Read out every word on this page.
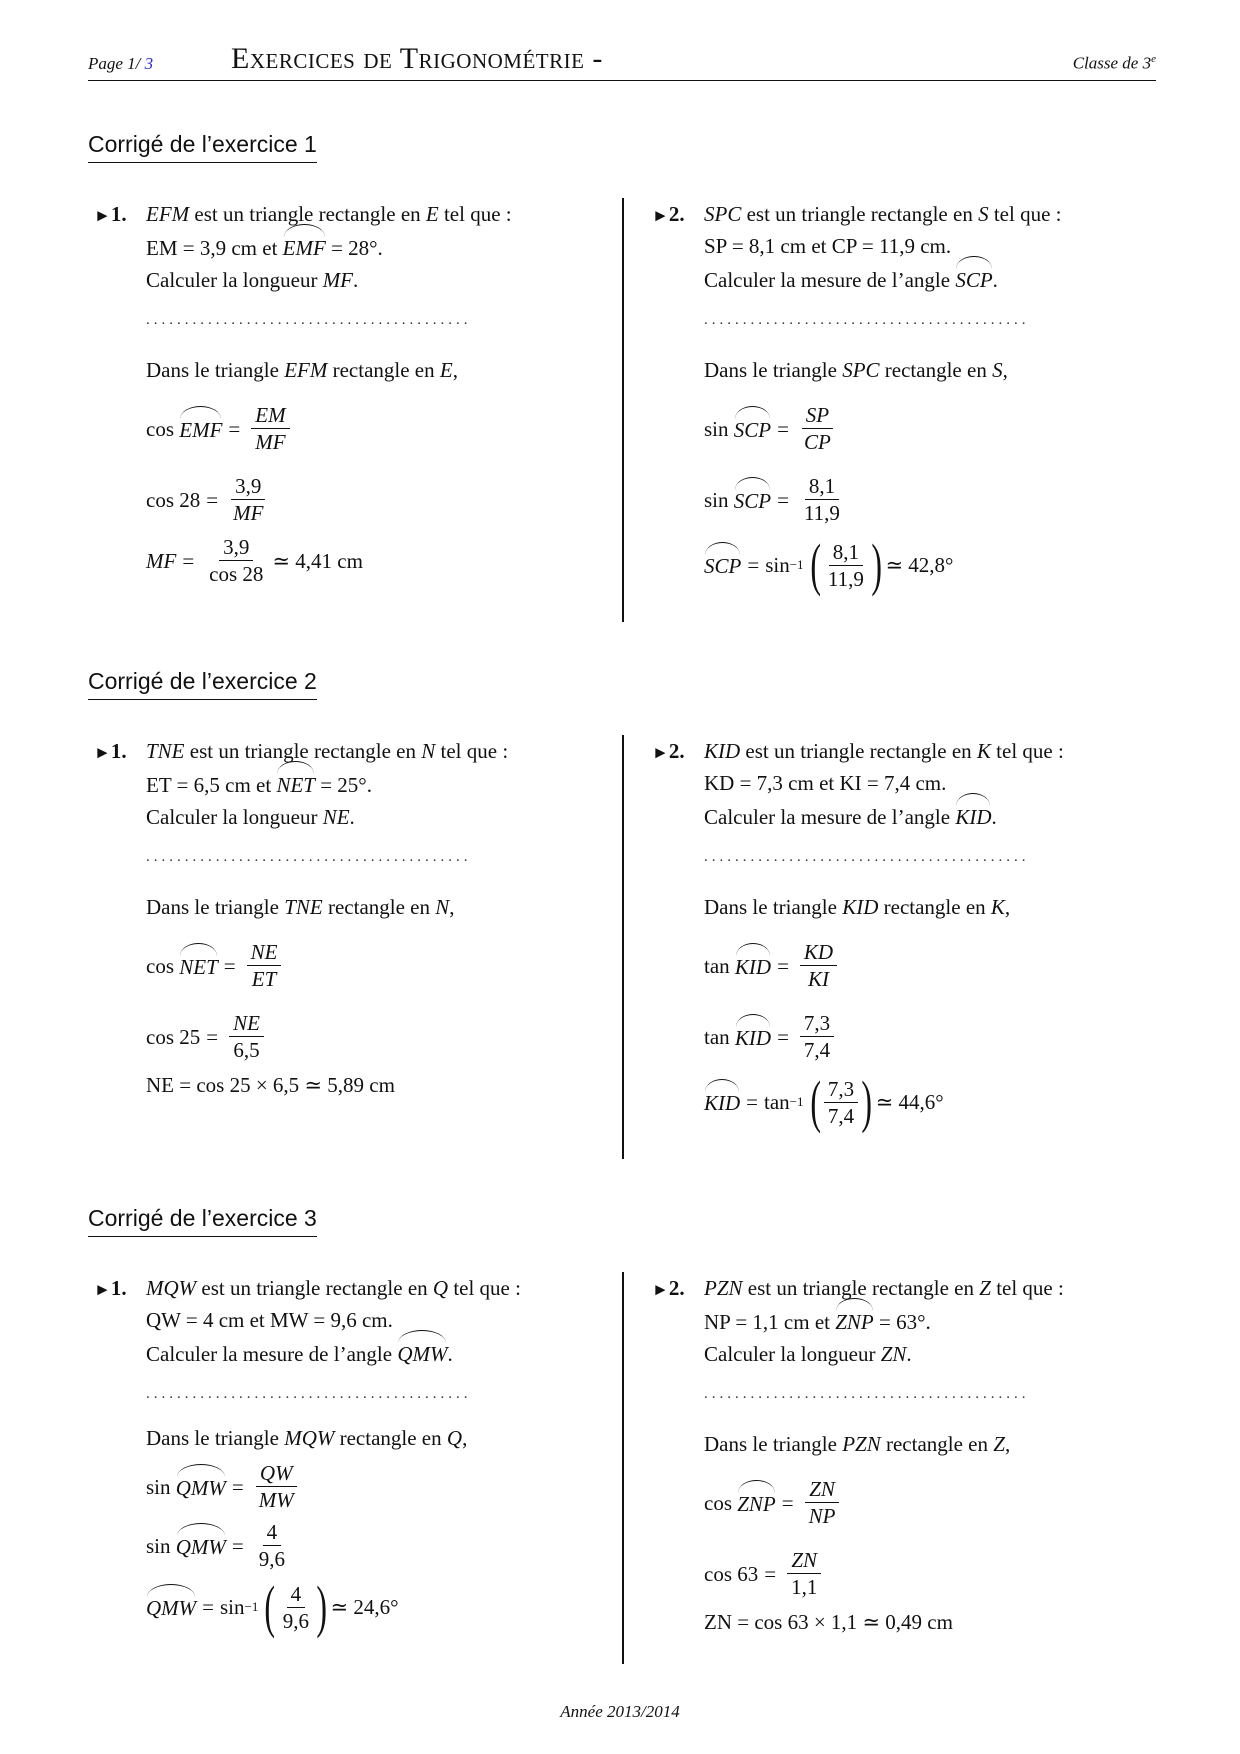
Page 1/ 3	Exercices de Trigonométrie -	Classe de 3e
Corrigé de l’exercice 1
►1. EFM est un triangle rectangle en E tel que :
EM = 3,9 cm et EMF = 28°.
Calculer la longueur MF.
..........................................
Dans le triangle EFM rectangle en E,
cos
EMF = $\frac{EM}{MF}$
$\cos 28 = \frac{3,9}{MF}$
MF = $\frac{3,9}{\cos 28}$ ≃ 4,41 cm
►2. SPC est un triangle rectangle en S tel que :
SP = 8,1 cm et CP = 11,9 cm.
Calculer la mesure de l’angle SCP.
..........................................
Dans le triangle SPC rectangle en S,
sin
SCP = $\frac{SP}{CP}$
sin
SCP = $\frac{8,1}{11,9}$
SCP = sin −1 ( $\frac{8,1}{11,9}$ )
≃ 42,8°
Corrigé de l’exercice 2
►1. TNE est un triangle rectangle en N tel que :
ET = 6,5 cm et NET = 25°.
Calculer la longueur NE.
..........................................
Dans le triangle TNE rectangle en N,
cos
NET = $\frac{NE}{ET}$
$\cos 25 = \frac{NE}{6,5}$
NE = cos 25 × 6,5 ≃ 5,89 cm
►2. KID est un triangle rectangle en K tel que :
KD = 7,3 cm et KI = 7,4 cm.
Calculer la mesure de l’angle KID.
..........................................
Dans le triangle KID rectangle en K,
tan
KID = $\frac{KD}{KI}$
tan
KID = $\frac{7,3}{7,4}$
KID = tan −1 ( $\frac{7,3}{7,4}$ )
≃ 44,6°
Corrigé de l’exercice 3
►1. MQW est un triangle rectangle en Q tel que :
QW = 4 cm et MW = 9,6 cm.
Calculer la mesure de l’angle QMW.
..........................................
Dans le triangle MQW rectangle en Q,
sin
QMW = $\frac{QW}{MW}$
sin
QMW = $\frac{4}{9,6}$
QMW = sin −1 ( $\frac{4}{9,6}$ )
≃ 24,6°
►2. PZN est un triangle rectangle en Z tel que :
NP = 1,1 cm et ZNP = 63°.
Calculer la longueur ZN.
..........................................
Dans le triangle PZN rectangle en Z,
cos
ZNP = $\frac{ZN}{NP}$
$\cos 63 = \frac{ZN}{1,1}$
ZN = cos 63 × 1,1 ≃ 0,49 cm
Année 2013/2014
